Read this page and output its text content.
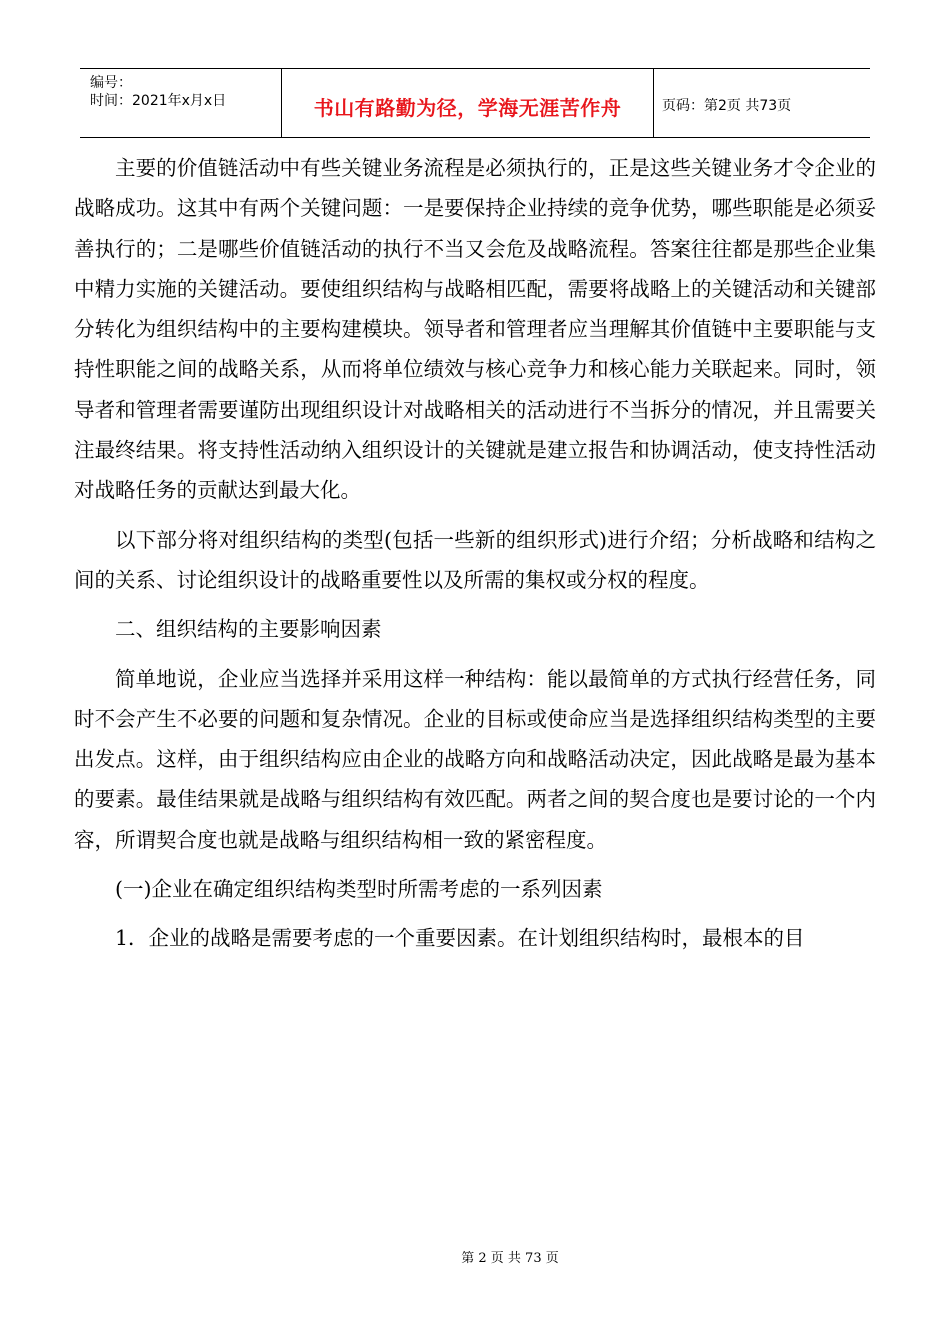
编号：
时间：2021年x月x日	书山有路勤为径，学海无涯苦作舟	页码：第2页 共73页

主要的价值链活动中有些关键业务流程是必须执行的，正是这些关键业务才令企业的战略成功。这其中有两个关键问题：一是要保持企业持续的竞争优势，哪些职能是必须妥善执行的；二是哪些价值链活动的执行不当又会危及战略流程。答案往往都是那些企业集中精力实施的关键活动。要使组织结构与战略相匹配，需要将战略上的关键活动和关键部分转化为组织结构中的主要构建模块。领导者和管理者应当理解其价值链中主要职能与支持性职能之间的战略关系，从而将单位绩效与核心竞争力和核心能力关联起来。同时，领导者和管理者需要谨防出现组织设计对战略相关的活动进行不当拆分的情况，并且需要关注最终结果。将支持性活动纳入组织设计的关键就是建立报告和协调活动，使支持性活动对战略任务的贡献达到最大化。

以下部分将对组织结构的类型(包括一些新的组织形式)进行介绍；分析战略和结构之间的关系、讨论组织设计的战略重要性以及所需的集权或分权的程度。

二、组织结构的主要影响因素

简单地说，企业应当选择并采用这样一种结构：能以最简单的方式执行经营任务，同时不会产生不必要的问题和复杂情况。企业的目标或使命应当是选择组织结构类型的主要出发点。这样，由于组织结构应由企业的战略方向和战略活动决定，因此战略是最为基本的要素。最佳结果就是战略与组织结构有效匹配。两者之间的契合度也是要讨论的一个内容，所谓契合度也就是战略与组织结构相一致的紧密程度。

(一)企业在确定组织结构类型时所需考虑的一系列因素

1．企业的战略是需要考虑的一个重要因素。在计划组织结构时，最根本的目

第 2 页 共 73 页
